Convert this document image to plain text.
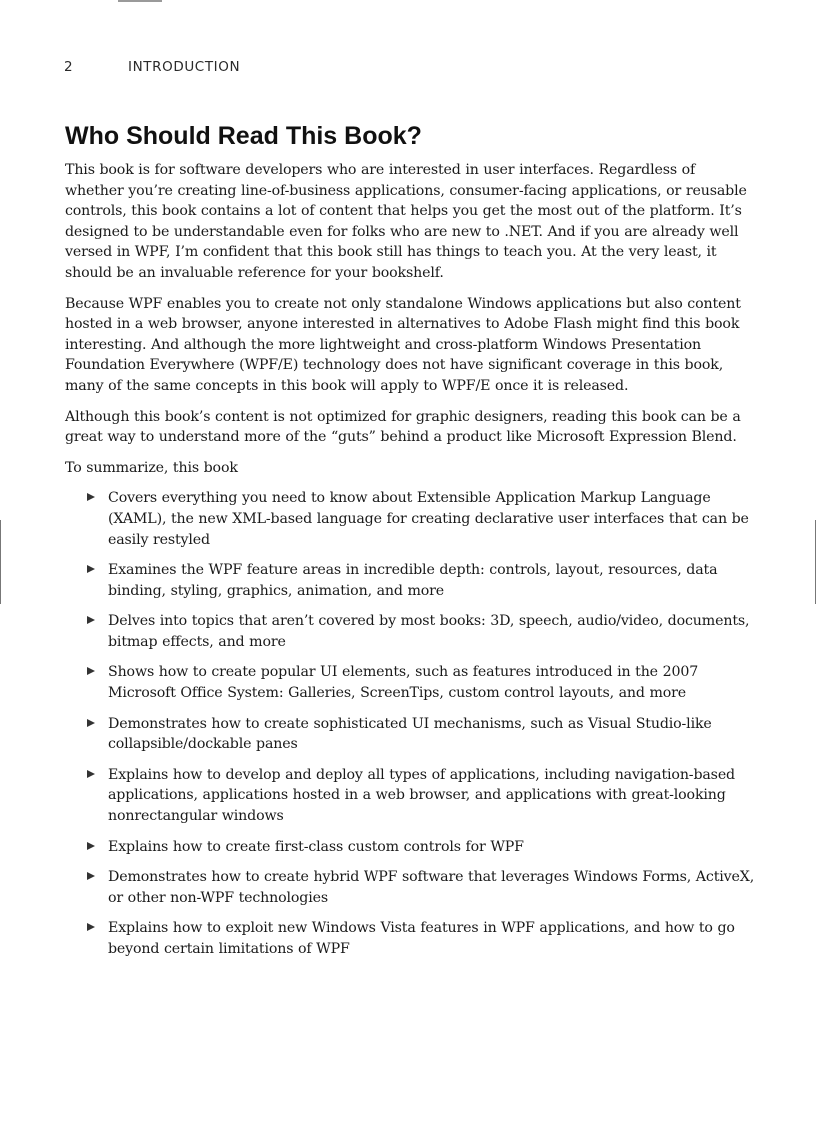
2	INTRODUCTION
Who Should Read This Book?

This book is for software developers who are interested in user interfaces. Regardless of whether you’re creating line-of-business applications, consumer-facing applications, or reusable controls, this book contains a lot of content that helps you get the most out of the platform. It’s designed to be understandable even for folks who are new to .NET. And if you are already well versed in WPF, I’m confident that this book still has things to teach you. At the very least, it should be an invaluable reference for your bookshelf.

Because WPF enables you to create not only standalone Windows applications but also content hosted in a web browser, anyone interested in alternatives to Adobe Flash might find this book interesting. And although the more lightweight and cross-platform Windows Presentation Foundation Everywhere (WPF/E) technology does not have significant coverage in this book, many of the same concepts in this book will apply to WPF/E once it is released.

Although this book’s content is not optimized for graphic designers, reading this book can be a great way to understand more of the “guts” behind a product like Microsoft Expression Blend.

To summarize, this book

Covers everything you need to know about Extensible Application Markup Language (XAML), the new XML-based language for creating declarative user interfaces that can be easily restyled
Examines the WPF feature areas in incredible depth: controls, layout, resources, data binding, styling, graphics, animation, and more
Delves into topics that aren’t covered by most books: 3D, speech, audio/video, documents, bitmap effects, and more
Shows how to create popular UI elements, such as features introduced in the 2007 Microsoft Office System: Galleries, ScreenTips, custom control layouts, and more
Demonstrates how to create sophisticated UI mechanisms, such as Visual Studio-like collapsible/dockable panes
Explains how to develop and deploy all types of applications, including navigation-based applications, applications hosted in a web browser, and applications with great-looking nonrectangular windows
Explains how to create first-class custom controls for WPF
Demonstrates how to create hybrid WPF software that leverages Windows Forms, ActiveX, or other non-WPF technologies
Explains how to exploit new Windows Vista features in WPF applications, and how to go beyond certain limitations of WPF
